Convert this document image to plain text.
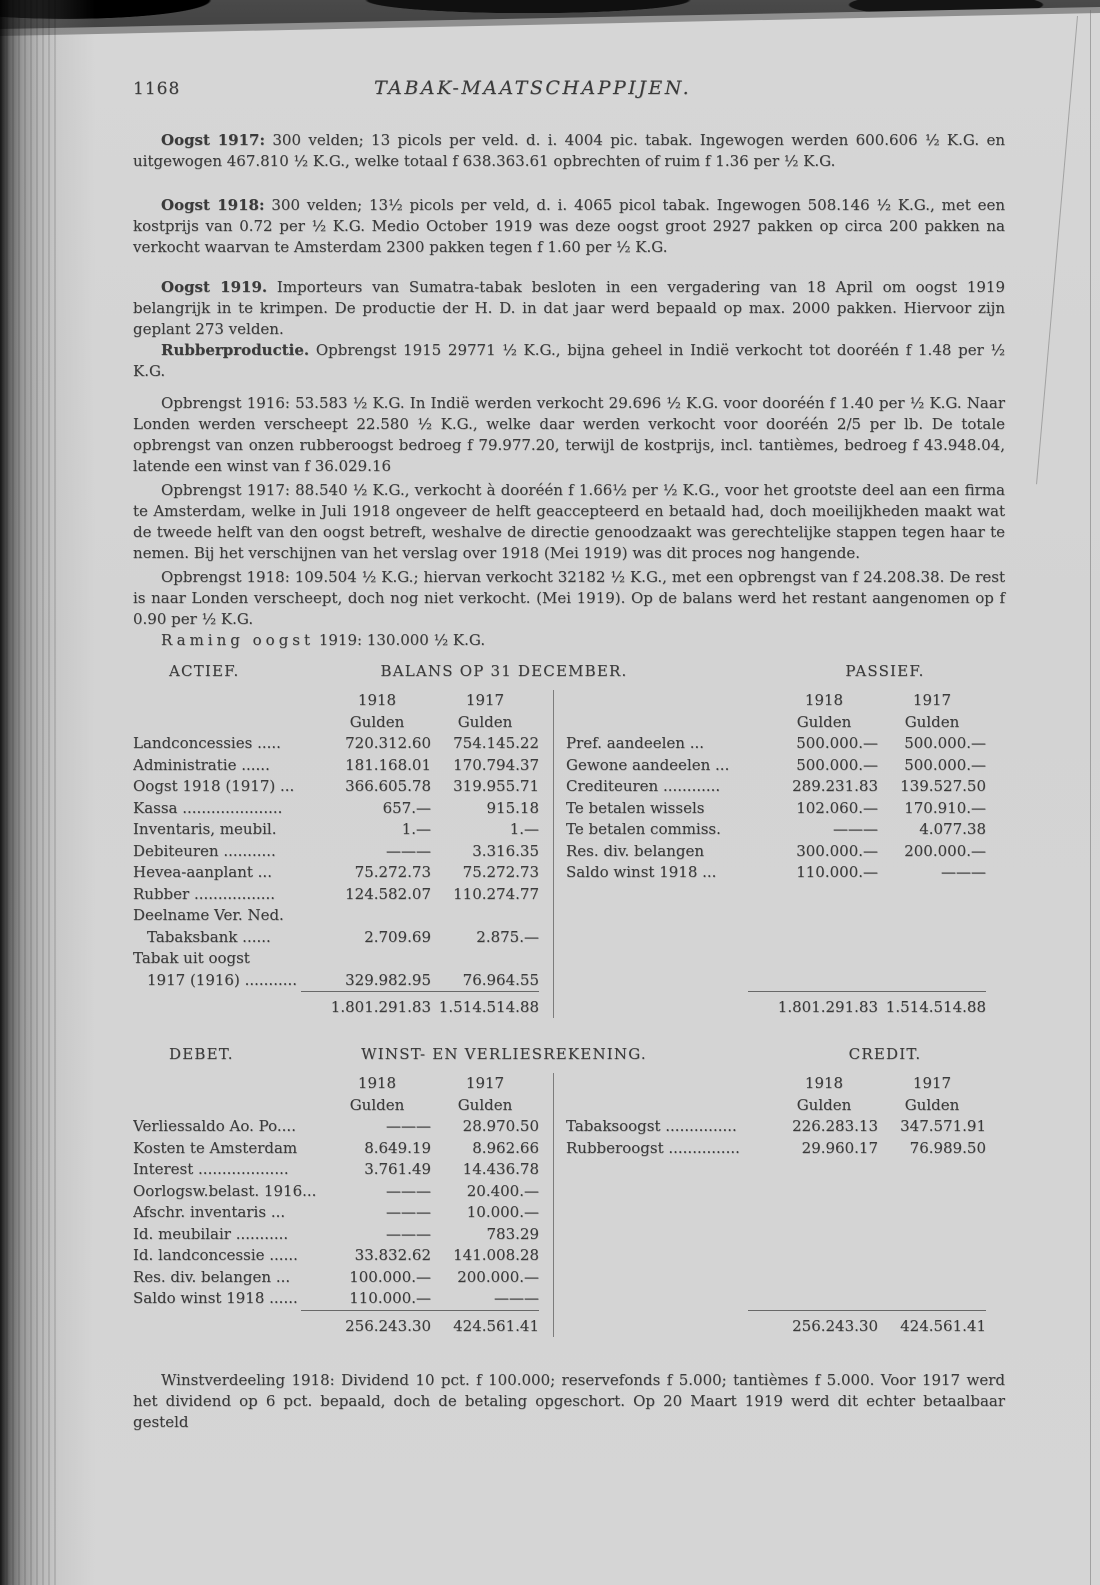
1168	TABAK-MAATSCHAPPIJEN.

Oogst 1917: 300 velden; 13 picols per veld. d. i. 4004 pic. tabak. Ingewogen werden 600.606 ½ K.G. en uitgewogen 467.810 ½ K.G., welke totaal f 638.363.61 opbrechten of ruim f 1.36 per ½ K.G.

Oogst 1918: 300 velden; 13½ picols per veld, d. i. 4065 picol tabak. Ingewogen 508.146 ½ K.G., met een kostprijs van 0.72 per ½ K.G. Medio October 1919 was deze oogst groot 2927 pakken op circa 200 pakken na verkocht waarvan te Amsterdam 2300 pakken tegen f 1.60 per ½ K.G.

Oogst 1919. Importeurs van Sumatra-tabak besloten in een vergadering van 18 April om oogst 1919 belangrijk in te krimpen. De productie der H. D. in dat jaar werd bepaald op max. 2000 pakken. Hiervoor zijn geplant 273 velden.

Rubberproductie. Opbrengst 1915 29771 ½ K.G., bijna geheel in Indië verkocht tot dooréén f 1.48 per ½ K.G.

Opbrengst 1916: 53.583 ½ K.G. In Indië werden verkocht 29.696 ½ K.G. voor dooréén f 1.40 per ½ K.G. Naar Londen werden verscheept 22.580 ½ K.G., welke daar werden verkocht voor dooréén 2/5 per lb. De totale opbrengst van onzen rubberoogst bedroeg f 79.977.20, terwijl de kostprijs, incl. tantièmes, bedroeg f 43.948.04, latende een winst van f 36.029.16

Opbrengst 1917: 88.540 ½ K.G., verkocht à dooréén f 1.66½ per ½ K.G., voor het grootste deel aan een firma te Amsterdam, welke in Juli 1918 ongeveer de helft geaccepteerd en betaald had, doch moeilijkheden maakt wat de tweede helft van den oogst betreft, weshalve de directie genoodzaakt was gerechtelijke stappen tegen haar te nemen. Bij het verschijnen van het verslag over 1918 (Mei 1919) was dit proces nog hangende.

Opbrengst 1918: 109.504 ½ K.G.; hiervan verkocht 32182 ½ K.G., met een opbrengst van f 24.208.38. De rest is naar Londen verscheept, doch nog niet verkocht. (Mei 1919). Op de balans werd het restant aangenomen op f 0.90 per ½ K.G.

Raming oogst 1919: 130.000 ½ K.G.

ACTIEF.	BALANS OP 31 DECEMBER.	PASSIEF.
1918	1917
Gulden	Gulden
Landconcessies .....	720.312.60	754.145.22
Administratie ......	181.168.01	170.794.37
Oogst 1918 (1917) ...	366.605.78	319.955.71
Kassa .....................	657.—	915.18
Inventaris, meubil.	1.—	1.—
Debiteuren ...........	———	3.316.35
Hevea-aanplant ...	75.272.73	75.272.73
Rubber .................	124.582.07	110.274.77
Deelname Ver. Ned.
Tabaksbank ......	2.709.69	2.875.—
Tabak uit oogst
1917 (1916) ...........	329.982.95	76.964.55
1.801.291.83 1.514.514.88
1918	1917
Gulden	Gulden
Pref. aandeelen ...	500.000.—	500.000.—
Gewone aandeelen ...	500.000.—	500.000.—
Crediteuren ............	289.231.83	139.527.50
Te betalen wissels	102.060.—	170.910.—
Te betalen commiss.	———	4.077.38
Res. div. belangen	300.000.—	200.000.—
Saldo winst 1918 ...	110.000.—	———
1.801.291.83 1.514.514.88
DEBET.	WINST- EN VERLIESREKENING.	CREDIT.
1918	1917
Gulden	Gulden
Verliessaldo Ao. Po....	———	28.970.50
Kosten te Amsterdam	8.649.19	8.962.66
Interest ...................	3.761.49	14.436.78
Oorlogsw.belast. 1916...	———	20.400.—
Afschr. inventaris ...	———	10.000.—
Id. meubilair ...........	———	783.29
Id. landconcessie ......	33.832.62	141.008.28
Res. div. belangen ...	100.000.—	200.000.—
Saldo winst 1918 ......	110.000.—	———
256.243.30	424.561.41
1918	1917
Gulden	Gulden
Tabaksoogst ...............	226.283.13	347.571.91
Rubberoogst ...............	29.960.17	76.989.50
256.243.30	424.561.41

Winstverdeeling 1918: Dividend 10 pct. f 100.000; reservefonds f 5.000; tantièmes f 5.000. Voor 1917 werd het dividend op 6 pct. bepaald, doch de betaling opgeschort. Op 20 Maart 1919 werd dit echter betaalbaar gesteld
